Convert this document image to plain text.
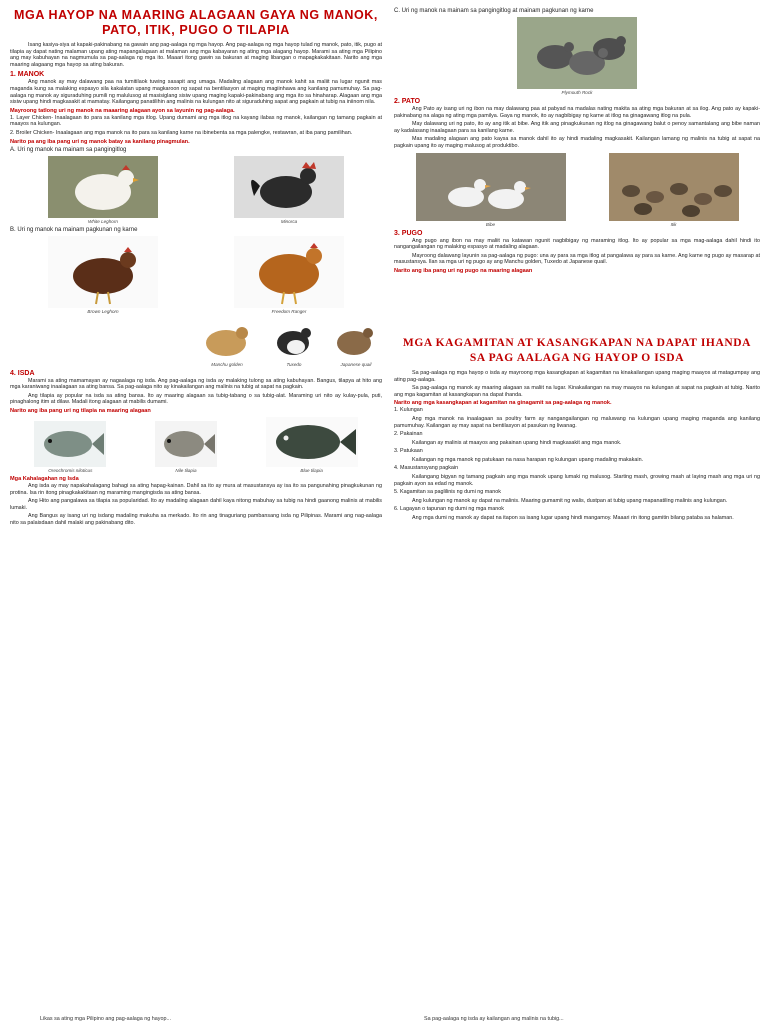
MGA HAYOP NA MAARING ALAGAAN GAYA NG MANOK, PATO, ITIK, PUGO O TILAPIA

Isang kasiya-siya at kapaki-pakinabang na gawain ang pag-aalaga ng mga hayop. Ang pag-aalaga ng mga hayop tulad ng manok, pato, itik, pugo at tilapia ay dapat nating malaman upang ating mapangalagaan at malaman ang mga kabayaran ng ating mga alagang hayop. Marami sa ating mga Pilipino ang may kabuhayan na nagmumula sa pag-aalaga ng mga ito. Maaari itong gawin sa bakuran at maging libangan o mapagkakakitaan. Narito ang mga maaring alagaang mga hayop sa ating bakuran.

1. MANOK

Ang manok ay may dalawang paa na tumitilaok tuwing sasapit ang umaga. Madaling alagaan ang manok kahit sa maliit na lugar ngunit mas maganda kung sa malaking espasyo sila kakalatan upang magkaroon ng sapat na bentilasyon at maging magiinhawa ang kanilang pamumuhay. Sa pag-aalaga ng manok ay siguraduhing pumili ng malulusog at masisiglang sisiw upang maging kapaki-pakinabang ang mga ito sa hinaharap. Alagaan ang mga sisiw upang hindi magkasakit at mamatay. Kailangang panatilihin ang malinis na kulungan nito at siguraduhing sapat ang pagkain at tubig na iniinom nila.

Mayroong tatlong uri ng manok na maaaring alagaan ayon sa layunin ng pag-aalaga.

1. Layer Chicken- Inaalagaan ito para sa kanilang mga itlog. Upang dumami ang mga itlog na kayang ilabas ng manok, kailangan ng tamang pagkain at maayos na kulungan.

2. Broiler Chicken- Inaalagaan ang mga manok na ito para sa kanilang karne na ibinebenta sa mga palengke, restawran, at iba pang pamilihan.

Narito pa ang iba pang uri ng manok batay sa kanilang pinagmulan.
A. Uri ng manok na mainam sa pangingitlog
White Leghorn	Minorca
B. Uri ng manok na mainam pagkunan ng karne
Brown Leghorn	Freedom Ranger
Manchu golden	Tuxedo	Japanese quail
4. ISDA

Marami sa ating mamamayan ay nagaalaga ng isda. Ang pag-aalaga ng isda ay malaking tulong sa ating kabuhayan. Bangus, tilapya at hito ang mga karaniwang inaalagaan sa ating bansa. Sa pag-aalaga nito ay kinakailangan ang malinis na tubig at sapat na pagkain.

Ang tilapia ay popular na isda sa ating bansa. Ito ay maaring alagaan sa tubig-tabang o sa tubig-alat. Maraming uri nito ay kulay-pula, puti, pinaghalong itim at dilaw. Madali itong alagaan at mabilis dumami.

Narito ang iba pang uri ng tilapia na maaring alagaan
Oreochromis niloticus	Nile tilapia	Blue tilapia
Mga Kahalagahan ng Isda

Ang isda ay may napakahalagang bahagi sa ating hapag-kainan. Dahil sa ito ay mura at masustansya ay isa ito sa pangunahing pinagkukunan ng protina. Isa rin itong pinagkakakitaan ng maraming mangingisda sa ating bansa.

Ang Hito ang pangalawa sa tilapia sa popularidad. Ito ay madaling alagaan dahil kaya nitong mabuhay sa tubig na hindi gaanong malinis at mabilis lumaki.

Ang Bangus ay isang uri ng isdang madaling makuha sa merkado. Ito rin ang tinaguriang pambansang isda ng Pilipinas. Marami ang nag-aalaga nito sa palaisdaan dahil malaki ang pakinabang dito.

Likas sa ating mga Pilipino ang pag-aalaga ng hayop...
C. Uri ng manok na mainam sa pangingitlog at mainam pagkunan ng karne
Plymouth Rock
2. PATO

Ang Pato ay isang uri ng ibon na may dalawang paa at pabyad na madalas nating makita sa ating mga bakuran at sa ilog. Ang pato ay kapaki-pakinabang na alaga ng ating mga pamilya. Gaya ng manok, ito ay nagbibigay ng karne at itlog na ginagawang itlog na pula.

May dalawang uri ng pato, ito ay ang itik at bibe. Ang itik ang pinagkukunan ng itlog na ginagawang balut o penoy samantalang ang bibe naman ay kadalasang inaalagaan para sa kanilang karne.

Mas madaling alagaan ang pato kaysa sa manok dahil ito ay hindi madaling magkasakit. Kailangan lamang ng malinis na tubig at sapat na pagkain upang ito ay maging malusog at produktibo.

Bibe	Itik
3. PUGO

Ang pugo ang ibon na may maliit na katawan ngunit nagbibigay ng maraming itlog. Ito ay popular sa mga mag-aalaga dahil hindi ito nangangailangan ng malaking espasyo at madaling alagaan.

Mayroong dalawang layunin sa pag-aalaga ng pugo: una ay para sa mga itlog at pangalawa ay para sa karne. Ang karne ng pugo ay masarap at masustansya. Ilan sa mga uri ng pugo ay ang Manchu golden, Tuxedo at Japanese quail.

Narito ang iba pang uri ng pugo na maaring alagaan
MGA KAGAMITAN AT KASANGKAPAN NA DAPAT IHANDA SA PAG AALAGA NG HAYOP O ISDA

Sa pag-aalaga ng mga hayop o isda ay mayroong mga kasangkapan at kagamitan na kinakailangan upang maging maayos at matagumpay ang ating pag-aalaga.

Sa pag-aalaga ng manok ay maaring alagaan sa maliit na lugar. Kinakailangan na may maayos na kulungan at sapat na pagkain at tubig. Narito ang mga kagamitan at kasangkapan na dapat ihanda.

Narito ang mga kasangkapan at kagamitan na ginagamit sa pag-aalaga ng manok.

1. Kulungan

Ang mga manok na inaalagaan sa poultry farm ay nangangailangan ng maluwang na kulungan upang maging maganda ang kanilang pamumuhay. Kailangan ay may sapat na bentilasyon at pasukan ng liwanag.

2. Pakainan

Kailangan ay malinis at maayos ang pakainan upang hindi magkasakit ang mga manok.

3. Patukaan

Kailangan ng mga manok ng patukaan na nasa harapan ng kulungan upang madaling makakain.

4. Masustansyang pagkain

Kailangang bigyan ng tamang pagkain ang mga manok upang lumaki ng malusog. Starting mash, growing mash at laying mash ang mga uri ng pagkain ayon sa edad ng manok.

5. Kagamitan sa paglilinis ng dumi ng manok

Ang kulungan ng manok ay dapat na malinis. Maaring gumamit ng walis, dustpan at tubig upang mapanatiling malinis ang kulungan.

6. Lagayan o tapunan ng dumi ng mga manok

Ang mga dumi ng manok ay dapat na itapon sa isang lugar upang hindi mangamoy. Maaari rin itong gamitin bilang pataba sa halaman.

Sa pag-aalaga ng isda ay kailangan ang malinis na tubig...
